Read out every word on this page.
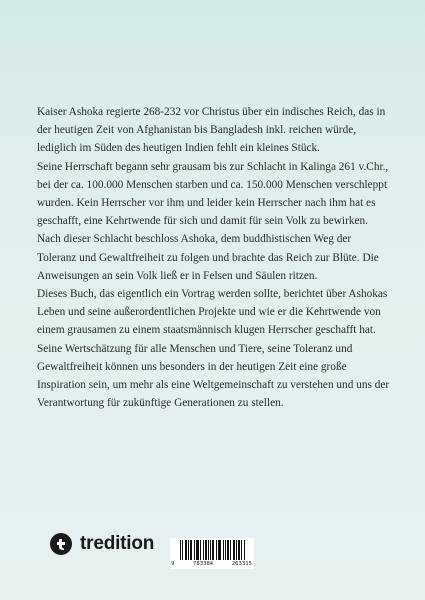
Kaiser Ashoka regierte 268-232 vor Christus über ein indisches Reich, das in der heutigen Zeit von Afghanistan bis Bangladesh inkl. reichen würde, lediglich im Süden des heutigen Indien fehlt ein kleines Stück.

Seine Herrschaft begann sehr grausam bis zur Schlacht in Kalinga 261 v.Chr., bei der ca. 100.000 Menschen starben und ca. 150.000 Menschen verschleppt wurden. Kein Herrscher vor ihm und leider kein Herrscher nach ihm hat es geschafft, eine Kehrtwende für sich und damit für sein Volk zu bewirken. Nach dieser Schlacht beschloss Ashoka, dem buddhistischen Weg der Toleranz und Gewaltfreiheit zu folgen und brachte das Reich zur Blüte. Die Anweisungen an sein Volk ließ er in Felsen und Säulen ritzen.

Dieses Buch, das eigentlich ein Vortrag werden sollte, berichtet über Ashokas Leben und seine außerordentlichen Projekte und wie er die Kehrtwende von einem grausamen zu einem staatsmännisch klugen Herrscher geschafft hat. Seine Wertschätzung für alle Menschen und Tiere, seine Toleranz und Gewaltfreiheit können uns besonders in der heutigen Zeit eine große Inspiration sein, um mehr als eine Weltgemeinschaft zu verstehen und uns der Verantwortung für zukünftige Generationen zu stellen.

tredition
9	783384	263315
